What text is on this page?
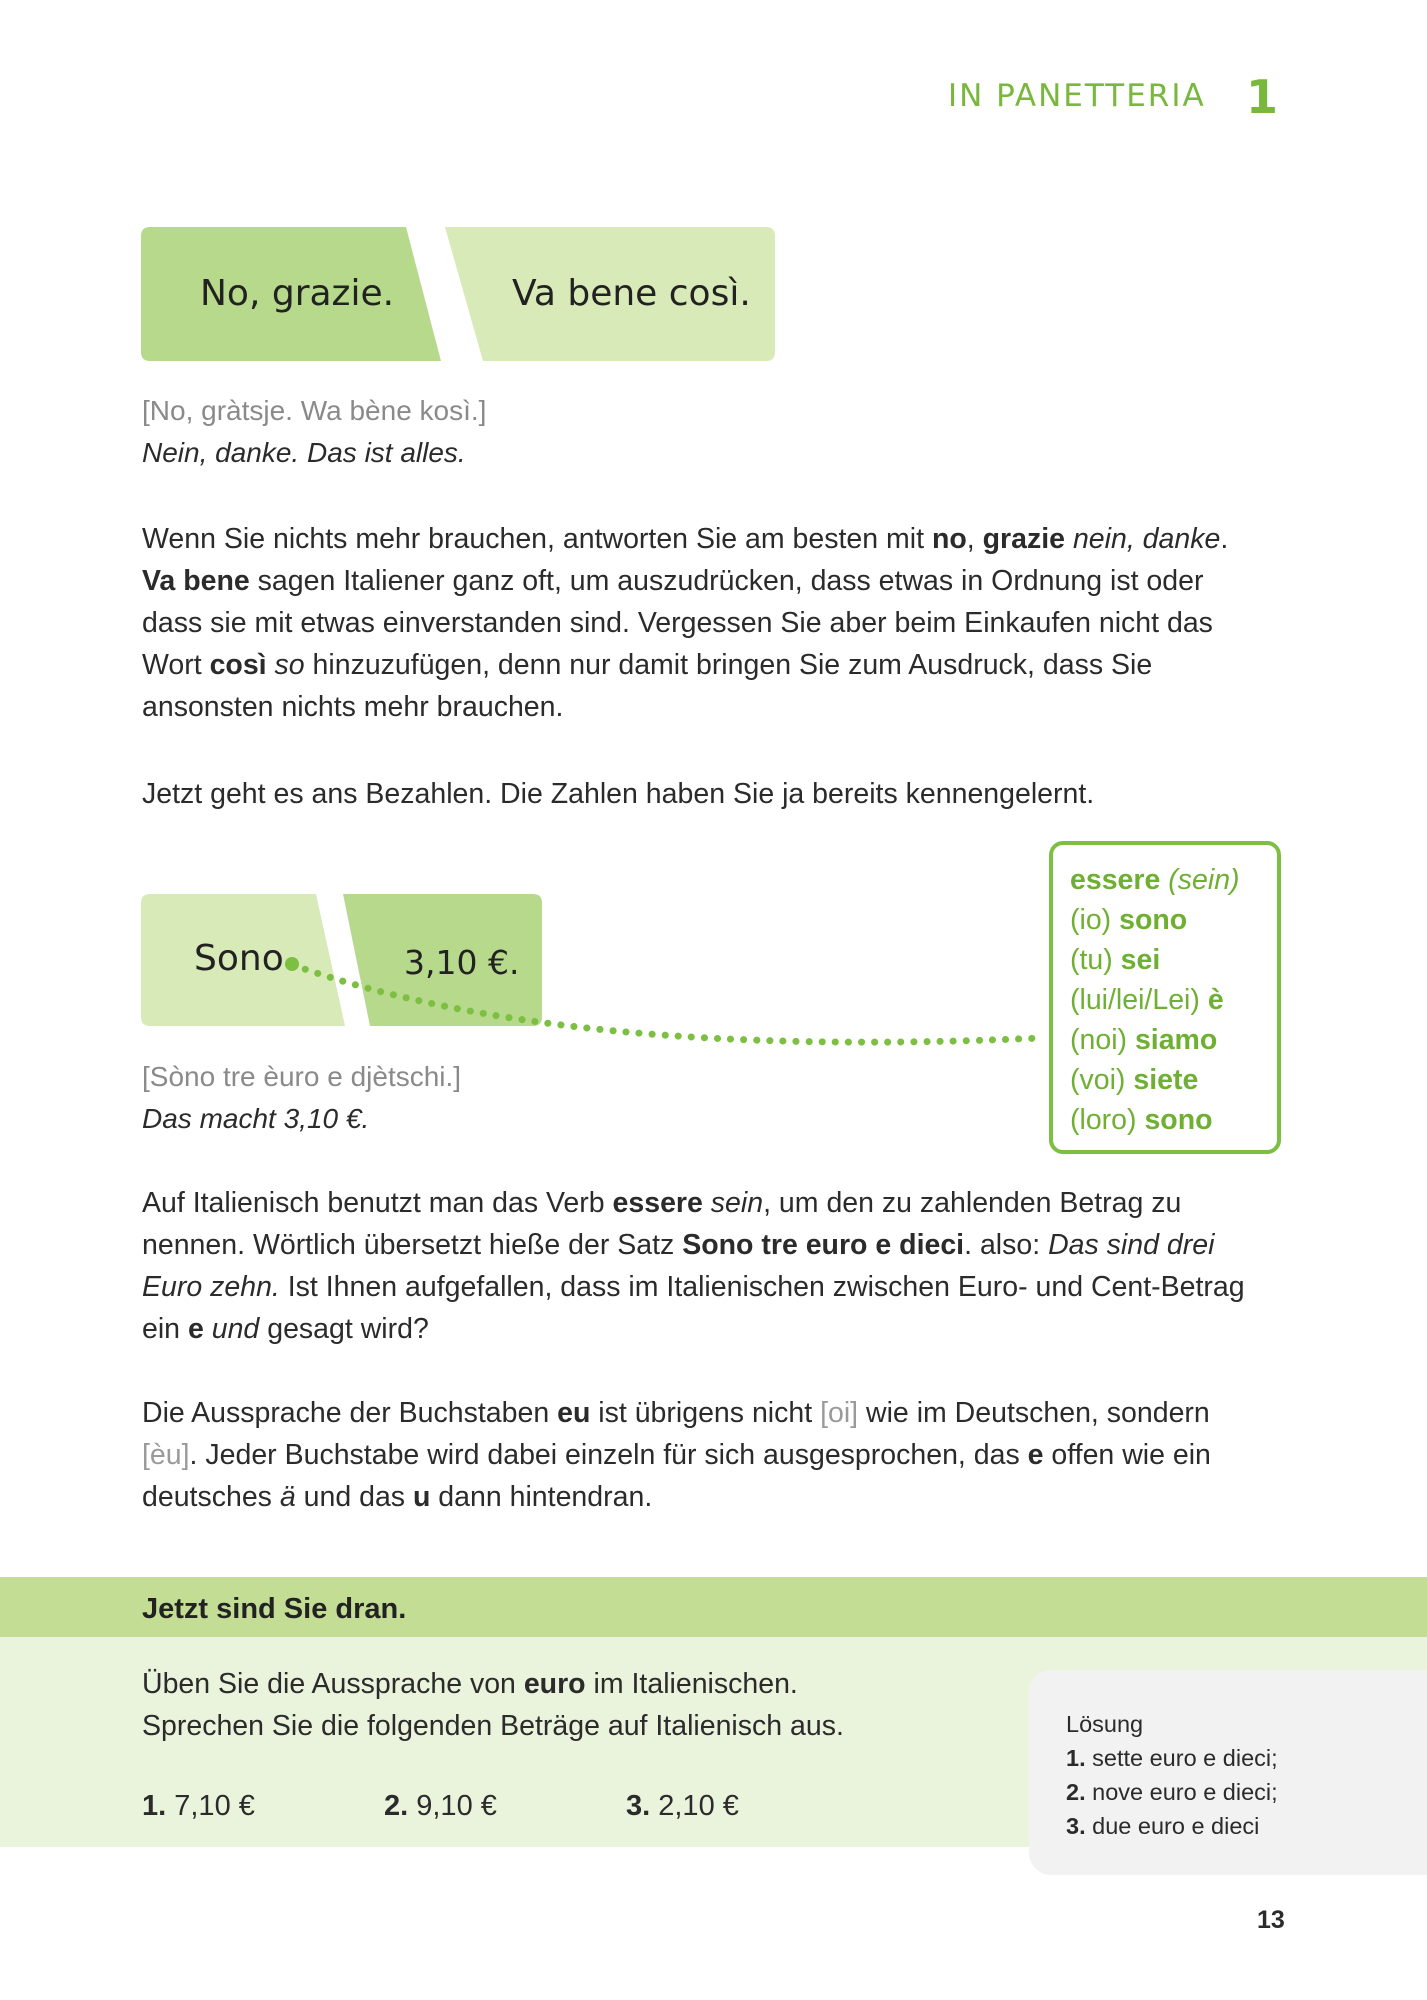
IN PANETTERIA 1
No, grazie.	Va bene così.
[No, gràtsje. Wa bène kosì.]
Nein, danke. Das ist alles.
Wenn Sie nichts mehr brauchen, antworten Sie am besten mit no, grazie nein, danke.
Va bene sagen Italiener ganz oft, um auszudrücken, dass etwas in Ordnung ist oder
dass sie mit etwas einverstanden sind. Vergessen Sie aber beim Einkaufen nicht das
Wort così so hinzuzufügen, denn nur damit bringen Sie zum Ausdruck, dass Sie
ansonsten nichts mehr brauchen.
Jetzt geht es ans Bezahlen. Die Zahlen haben Sie ja bereits kennengelernt.
Sono	3,10 €.
[Sònо tre èuro e djètschi.]
Das macht 3,10 €.
essere (sein)
(io) sono
(tu) sei
(lui/lei/Lei) è
(noi) siamo
(voi) siete
(loro) sono
Auf Italienisch benutzt man das Verb essere sein, um den zu zahlenden Betrag zu
nennen. Wörtlich übersetzt hieße der Satz Sono tre euro e dieci. also: Das sind drei
Euro zehn. Ist Ihnen aufgefallen, dass im Italienischen zwischen Euro- und Cent-Betrag
ein e und gesagt wird?
Die Aussprache der Buchstaben eu ist übrigens nicht [oi] wie im Deutschen, sondern
[èu]. Jeder Buchstabe wird dabei einzeln für sich ausgesprochen, das e offen wie ein
deutsches ä und das u dann hintendran.
Jetzt sind Sie dran.
Üben Sie die Aussprache von euro im Italienischen.
Sprechen Sie die folgenden Beträge auf Italienisch aus.
1. 7,10 €	2. 9,10 €	3. 2,10 €
Lösung
1. sette euro e dieci;
2. nove euro e dieci;
3. due euro e dieci
13
